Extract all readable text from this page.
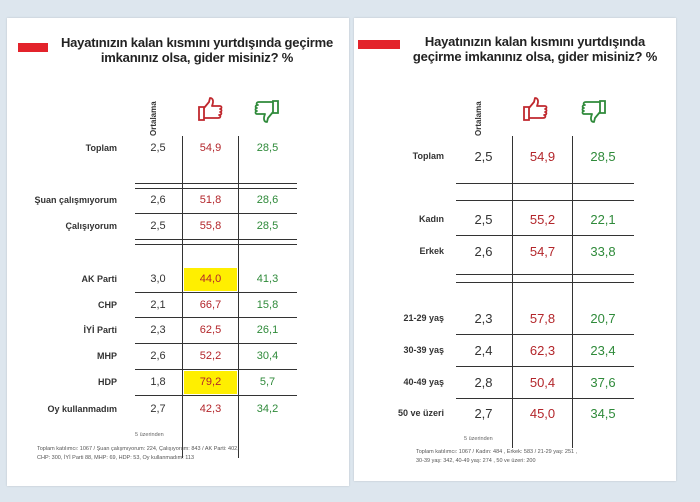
Hayatınızın kalan kısmını yurtdışında geçirme
imkanınız olsa, gider misiniz? %
Ortalama
Toplam	2,5	54,9	28,5
Şuan çalışmıyorum	2,6	51,8	28,6
Çalışıyorum	2,5	55,8	28,5
AK Parti	3,0	44,0	41,3
CHP	2,1	66,7	15,8
İYİ Parti	2,3	62,5	26,1
MHP	2,6	52,2	30,4
HDP	1,8	79,2	5,7
Oy kullanmadım	2,7	42,3	34,2
5 üzerinden
Toplam katılımcı: 1067 / Şuan çalışmıyorum: 224, Çalışıyorum: 843 / AK Parti: 402,
CHP: 300, İYİ Parti 88, MHP: 69, HDP: 53, Oy kullanmadım: 113
Hayatınızın kalan kısmını yurtdışında
geçirme imkanınız olsa, gider misiniz? %
Ortalama
Toplam	2,5	54,9	28,5
Kadın	2,5	55,2	22,1
Erkek	2,6	54,7	33,8
21-29 yaş	2,3	57,8	20,7
30-39 yaş	2,4	62,3	23,4
40-49 yaş	2,8	50,4	37,6
50 ve üzeri	2,7	45,0	34,5
5 üzerinden
Toplam katılımcı: 1067 / Kadın: 484 , Erkek: 583 / 21-29 yaş: 251 ,
30-39 yaş: 342, 40-49 yaş: 274 , 50 ve üzeri: 200
